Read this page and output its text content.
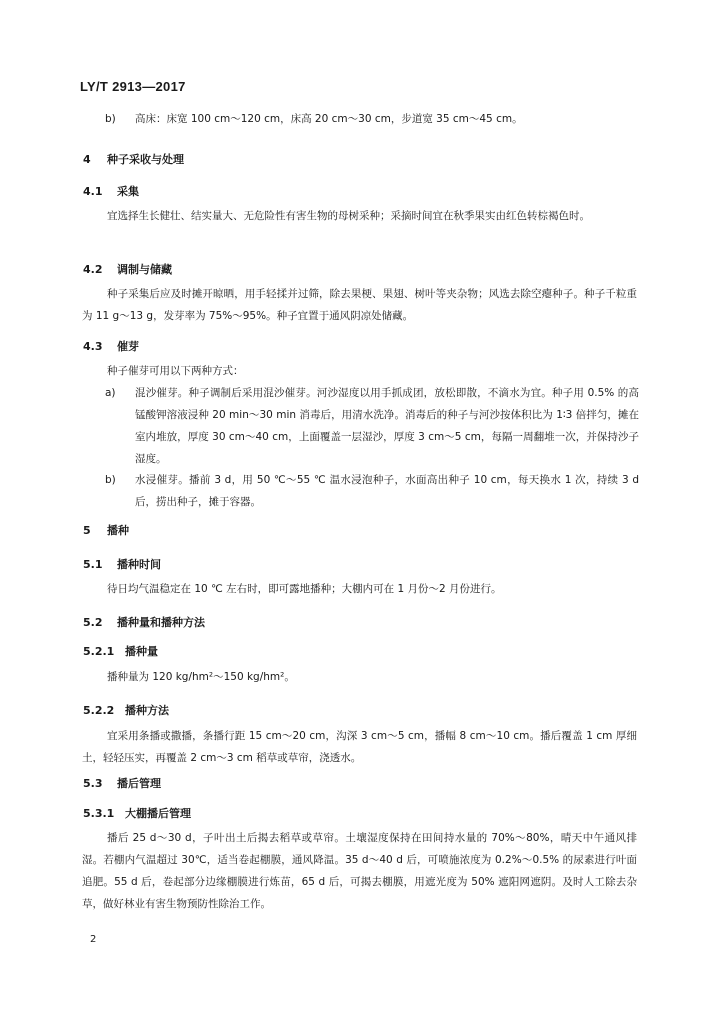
LY/T 2913—2017
b)	高床：床宽 100 cm～120 cm，床高 20 cm～30 cm，步道宽 35 cm～45 cm。
4 种子采收与处理
4.1 采集
宜选择生长健壮、结实量大、无危险性有害生物的母树采种；采摘时间宜在秋季果实由红色转棕褐色时。
4.2 调制与储藏
种子采集后应及时摊开晾晒，用手轻揉并过筛，除去果梗、果翅、树叶等夹杂物；风选去除空瘪种子。种子千粒重为 11 g～13 g，发芽率为 75%～95%。种子宜置于通风阴凉处储藏。
4.3 催芽
种子催芽可用以下两种方式：
a)	混沙催芽。种子调制后采用混沙催芽。河沙湿度以用手抓成团，放松即散，不滴水为宜。种子用 0.5% 的高锰酸钾溶液浸种 20 min～30 min 消毒后，用清水洗净。消毒后的种子与河沙按体积比为 1∶3 倍拌匀，摊在室内堆放，厚度 30 cm～40 cm，上面覆盖一层湿沙，厚度 3 cm～5 cm，每隔一周翻堆一次，并保持沙子湿度。
b)	水浸催芽。播前 3 d，用 50 ℃～55 ℃ 温水浸泡种子，水面高出种子 10 cm，每天换水 1 次，持续 3 d 后，捞出种子，摊于容器。
5 播种
5.1 播种时间
待日均气温稳定在 10 ℃ 左右时，即可露地播种；大棚内可在 1 月份～2 月份进行。
5.2 播种量和播种方法
5.2.1 播种量
播种量为 120 kg/hm²～150 kg/hm²。
5.2.2 播种方法
宜采用条播或撒播，条播行距 15 cm～20 cm，沟深 3 cm～5 cm，播幅 8 cm～10 cm。播后覆盖 1 cm 厚细土，轻轻压实，再覆盖 2 cm～3 cm 稻草或草帘，浇透水。
5.3 播后管理
5.3.1 大棚播后管理
播后 25 d～30 d，子叶出土后揭去稻草或草帘。土壤湿度保持在田间持水量的 70%～80%，晴天中午通风排湿。若棚内气温超过 30℃，适当卷起棚膜，通风降温。35 d～40 d 后，可喷施浓度为 0.2%～0.5% 的尿素进行叶面追肥。55 d 后，卷起部分边缘棚膜进行炼苗，65 d 后，可揭去棚膜，用遮光度为 50% 遮阳网遮阴。及时人工除去杂草，做好林业有害生物预防性除治工作。
2
